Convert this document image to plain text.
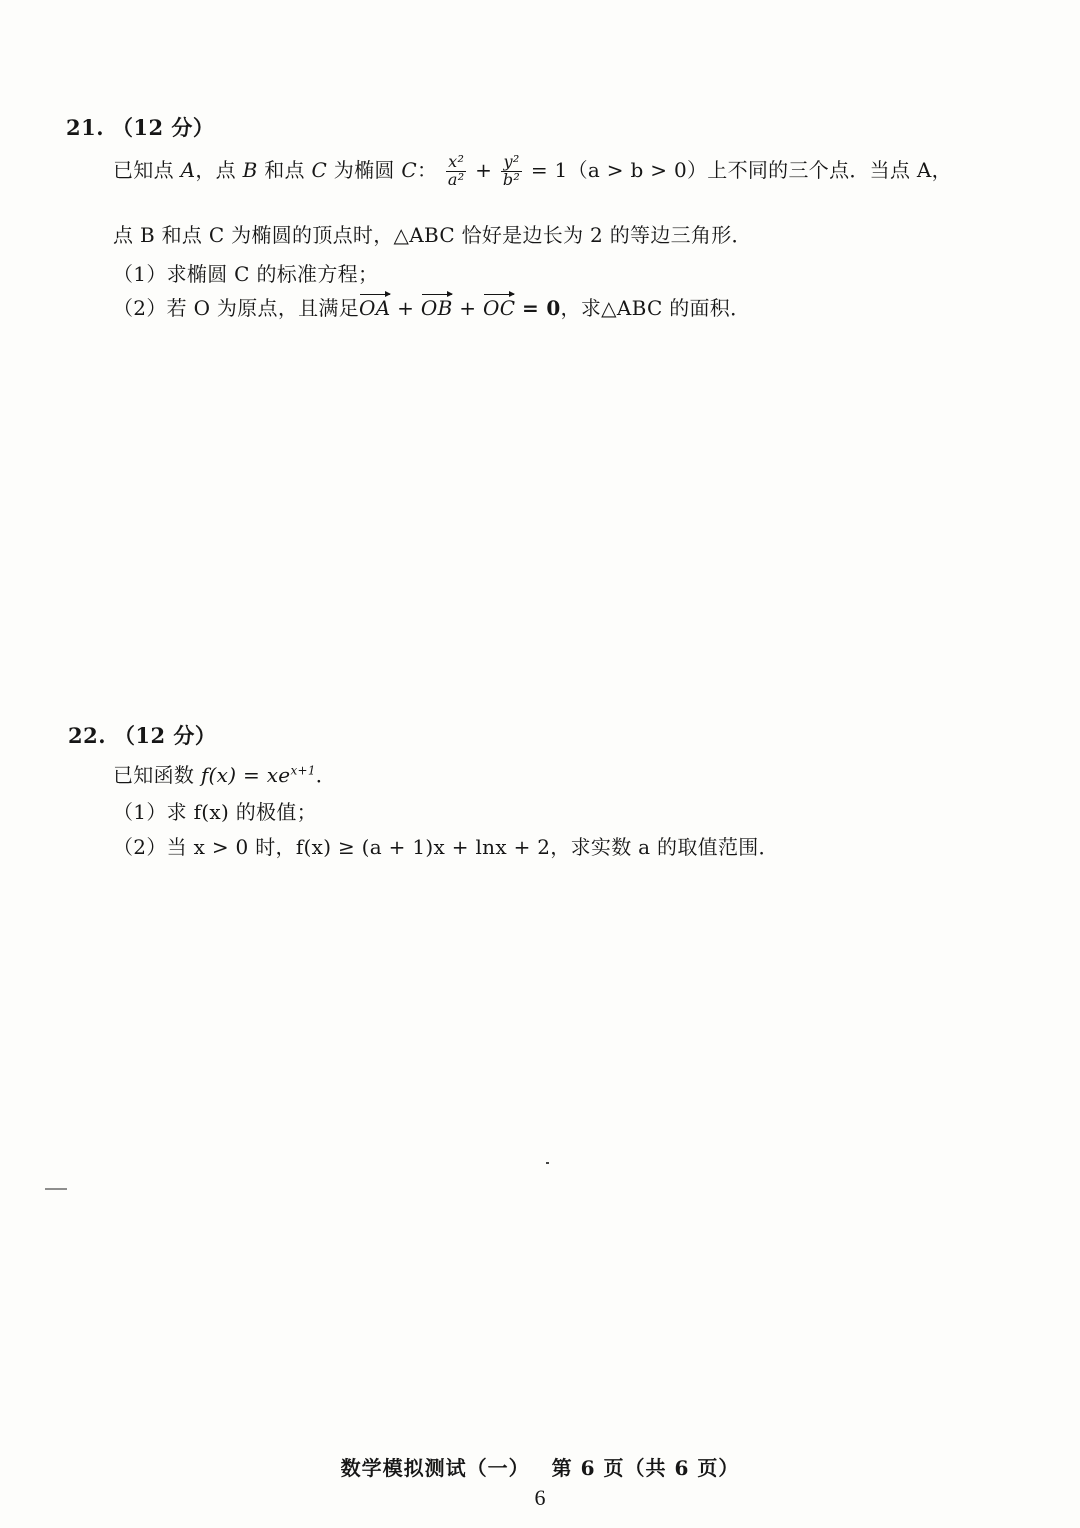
21. （12 分）
已知点 A，点 B 和点 C 为椭圆 C： $\frac{\text{x²}}{\text{a²}} + \frac{\text{y²}}{\text{b²}} = 1(a > b > 0)$上不同的三个点．当点 A，
点 B 和点 C 为椭圆的顶点时，△ABC 恰好是边长为 2 的等边三角形．
（1）求椭圆 C 的标准方程；
（2）若 O 为原点，且满足OA + OB + OC = 0，求△ABC 的面积．
22. （12 分）
已知函数 $f(x) = xe^{x+1}$．
（1）求 f(x) 的极值；
（2）当 x > 0 时，f(x) ≥ (a + 1)x + lnx + 2，求实数 a 的取值范围．
数学模拟测试（一） 第 6 页（共 6 页）
6
